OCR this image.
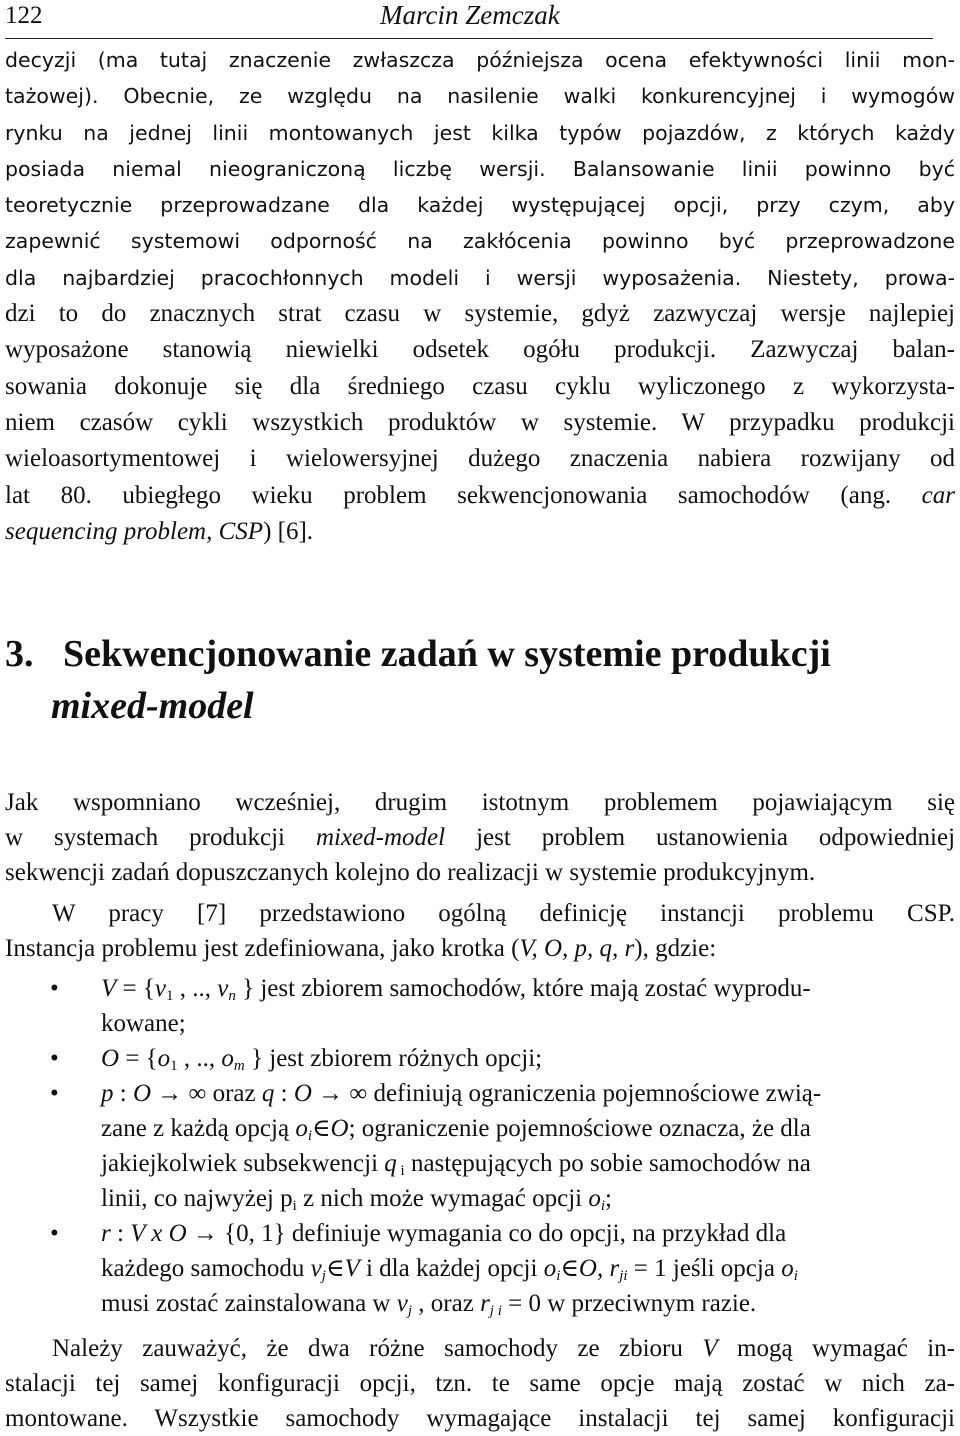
122	Marcin Zemczak
decyzji (ma tutaj znaczenie zwłaszcza późniejsza ocena efektywności linii mon-
tażowej). Obecnie, ze względu na nasilenie walki konkurencyjnej i wymogów
rynku na jednej linii montowanych jest kilka typów pojazdów, z których każdy
posiada niemal nieograniczoną liczbę wersji. Balansowanie linii powinno być
teoretycznie przeprowadzane dla każdej występującej opcji, przy czym, aby
zapewnić systemowi odporność na zakłócenia powinno być przeprowadzone
dla najbardziej pracochłonnych modeli i wersji wyposażenia. Niestety, prowa-
dzi to do znacznych strat czasu w systemie, gdyż zazwyczaj wersje najlepiej
wyposażone stanowią niewielki odsetek ogółu produkcji. Zazwyczaj balan-
sowania dokonuje się dla średniego czasu cyklu wyliczonego z wykorzysta-
niem czasów cykli wszystkich produktów w systemie. W przypadku produkcji
wieloasortymentowej i wielowersyjnej dużego znaczenia nabiera rozwijany od
lat 80. ubiegłego wieku problem sekwencjonowania samochodów (ang. car
sequencing problem, CSP) [6].
3. Sekwencjonowanie zadań w systemie produkcji
mixed-model
Jak wspomniano wcześniej, drugim istotnym problemem pojawiającym się
w systemach produkcji mixed-model jest problem ustanowienia odpowiedniej
sekwencji zadań dopuszczanych kolejno do realizacji w systemie produkcyjnym.
W pracy [7] przedstawiono ogólną definicję instancji problemu CSP.
Instancja problemu jest zdefiniowana, jako krotka (V, O, p, q, r), gdzie:
• $V = \{v_1$ , .., $v_n$ } jest zbiorem samochodów, które mają zostać wyprodu-
kowane;
• $O = \{o_1$ , .., $o_m$ } jest zbiorem różnych opcji;
• p : O → ∞ oraz q : O → ∞ definiują ograniczenia pojemnościowe zwią-
zane z każdą opcją $o_i\in O$; ograniczenie pojemnościowe oznacza, że dla
jakiejkolwiek subsekwencji q $_i$ następujących po sobie samochodów na
linii, co najwyżej $p_i$ z nich może wymagać opcji $o_i$;
• r : V x O → {0, 1} definiuje wymagania co do opcji, na przykład dla
każdego samochodu $v_j\in V$ i dla każdej opcji $o_i\in O$, $r_{ji} = 1$ jeśli opcja $o_i$
musi zostać zainstalowana w $v_j$ , oraz $r_{j i} = 0$ w przeciwnym razie.
Należy zauważyć, że dwa różne samochody ze zbioru V mogą wymagać in-
stalacji tej samej konfiguracji opcji, tzn. te same opcje mają zostać w nich za-
montowane. Wszystkie samochody wymagające instalacji tej samej konfiguracji
